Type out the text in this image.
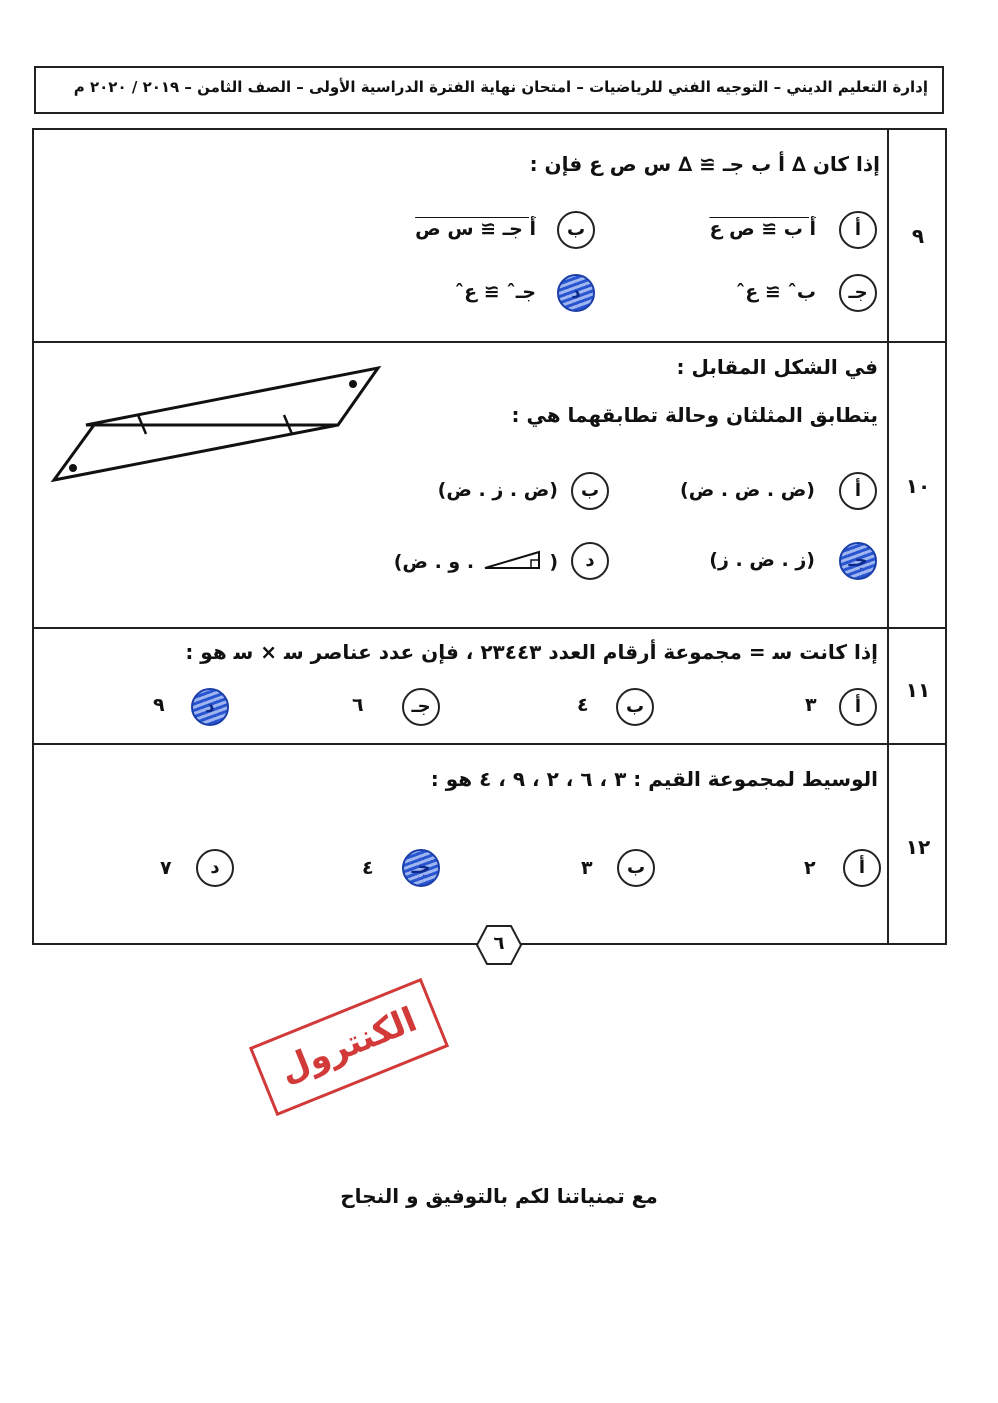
إدارة التعليم الديني – التوجيه الفني للرياضيات – امتحان نهاية الفترة الدراسية الأولى – الصف الثامن – ٢٠١٩ / ٢٠٢٠ م
٩
إذا كان ∆ أ ب جـ ≅ ∆ س ص ع فإن :
أ
أ ب ≅ ص ع
ب
أ جـ ≅ س ص
جـ
بˆ ≅ عˆ
د
جـˆ ≅ عˆ
١٠
في الشكل المقابل :
يتطابق المثلثان وحالة تطابقهما هي :
أ
(ض . ض . ض)
ب
(ض . ز . ض)
جـ
(ز . ض . ز)
د
(  . و . ض)
١١
إذا كانت س‍ = مجموعة أرقام العدد ٢٣٤٤٣ ، فإن عدد عناصر س‍ × س‍ هو :
أ
٣
ب
٤
جـ
٦
د
٩
١٢
الوسيط لمجموعة القيم : ٣ ، ٦ ، ٢ ، ٩ ، ٤ هو :
أ
٢
ب
٣
جـ
٤
د
٧
٦
الكنترول
مع تمنياتنا لكم بالتوفيق و النجاح
